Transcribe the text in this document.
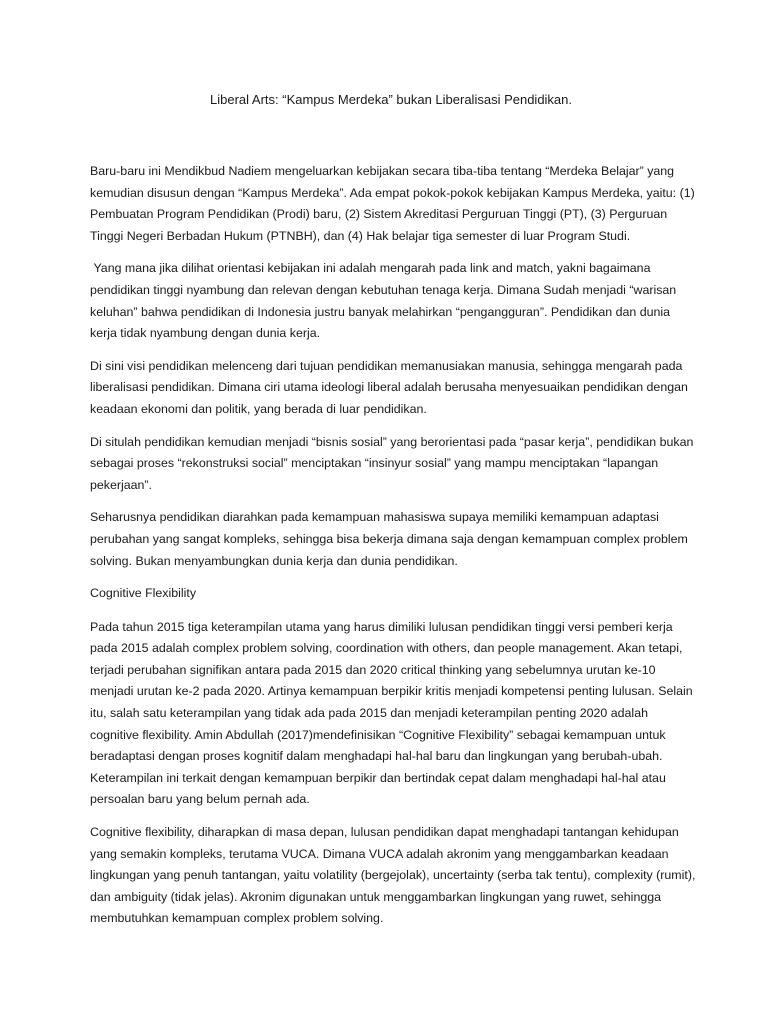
Liberal Arts: “Kampus Merdeka” bukan Liberalisasi Pendidikan.

Baru-baru ini Mendikbud Nadiem mengeluarkan kebijakan secara tiba-tiba tentang “Merdeka Belajar” yang kemudian disusun dengan “Kampus Merdeka”. Ada empat pokok-pokok kebijakan Kampus Merdeka, yaitu: (1) Pembuatan Program Pendidikan (Prodi) baru, (2) Sistem Akreditasi Perguruan Tinggi (PT), (3) Perguruan Tinggi Negeri Berbadan Hukum (PTNBH), dan (4) Hak belajar tiga semester di luar Program Studi.

Yang mana jika dilihat orientasi kebijakan ini adalah mengarah pada link and match, yakni bagaimana pendidikan tinggi nyambung dan relevan dengan kebutuhan tenaga kerja. Dimana Sudah menjadi “warisan keluhan” bahwa pendidikan di Indonesia justru banyak melahirkan “pengangguran”. Pendidikan dan dunia kerja tidak nyambung dengan dunia kerja.

Di sini visi pendidikan melenceng dari tujuan pendidikan memanusiakan manusia, sehingga mengarah pada liberalisasi pendidikan. Dimana ciri utama ideologi liberal adalah berusaha menyesuaikan pendidikan dengan keadaan ekonomi dan politik, yang berada di luar pendidikan.

Di situlah pendidikan kemudian menjadi “bisnis sosial” yang berorientasi pada “pasar kerja”, pendidikan bukan sebagai proses “rekonstruksi social” menciptakan “insinyur sosial” yang mampu menciptakan “lapangan pekerjaan”.

Seharusnya pendidikan diarahkan pada kemampuan mahasiswa supaya memiliki kemampuan adaptasi perubahan yang sangat kompleks, sehingga bisa bekerja dimana saja dengan kemampuan complex problem solving. Bukan menyambungkan dunia kerja dan dunia pendidikan.

Cognitive Flexibility

Pada tahun 2015 tiga keterampilan utama yang harus dimiliki lulusan pendidikan tinggi versi pemberi kerja pada 2015 adalah complex problem solving, coordination with others, dan people management. Akan tetapi, terjadi perubahan signifikan antara pada 2015 dan 2020 critical thinking yang sebelumnya urutan ke-10 menjadi urutan ke-2 pada 2020. Artinya kemampuan berpikir kritis menjadi kompetensi penting lulusan. Selain itu, salah satu keterampilan yang tidak ada pada 2015 dan menjadi keterampilan penting 2020 adalah cognitive flexibility. Amin Abdullah (2017)mendefinisikan “Cognitive Flexibility” sebagai kemampuan untuk beradaptasi dengan proses kognitif dalam menghadapi hal-hal baru dan lingkungan yang berubah-ubah. Keterampilan ini terkait dengan kemampuan berpikir dan bertindak cepat dalam menghadapi hal-hal atau persoalan baru yang belum pernah ada.

Cognitive flexibility, diharapkan di masa depan, lulusan pendidikan dapat menghadapi tantangan kehidupan yang semakin kompleks, terutama VUCA. Dimana VUCA adalah akronim yang menggambarkan keadaan lingkungan yang penuh tantangan, yaitu volatility (bergejolak), uncertainty (serba tak tentu), complexity (rumit), dan ambiguity (tidak jelas). Akronim digunakan untuk menggambarkan lingkungan yang ruwet, sehingga membutuhkan kemampuan complex problem solving.
